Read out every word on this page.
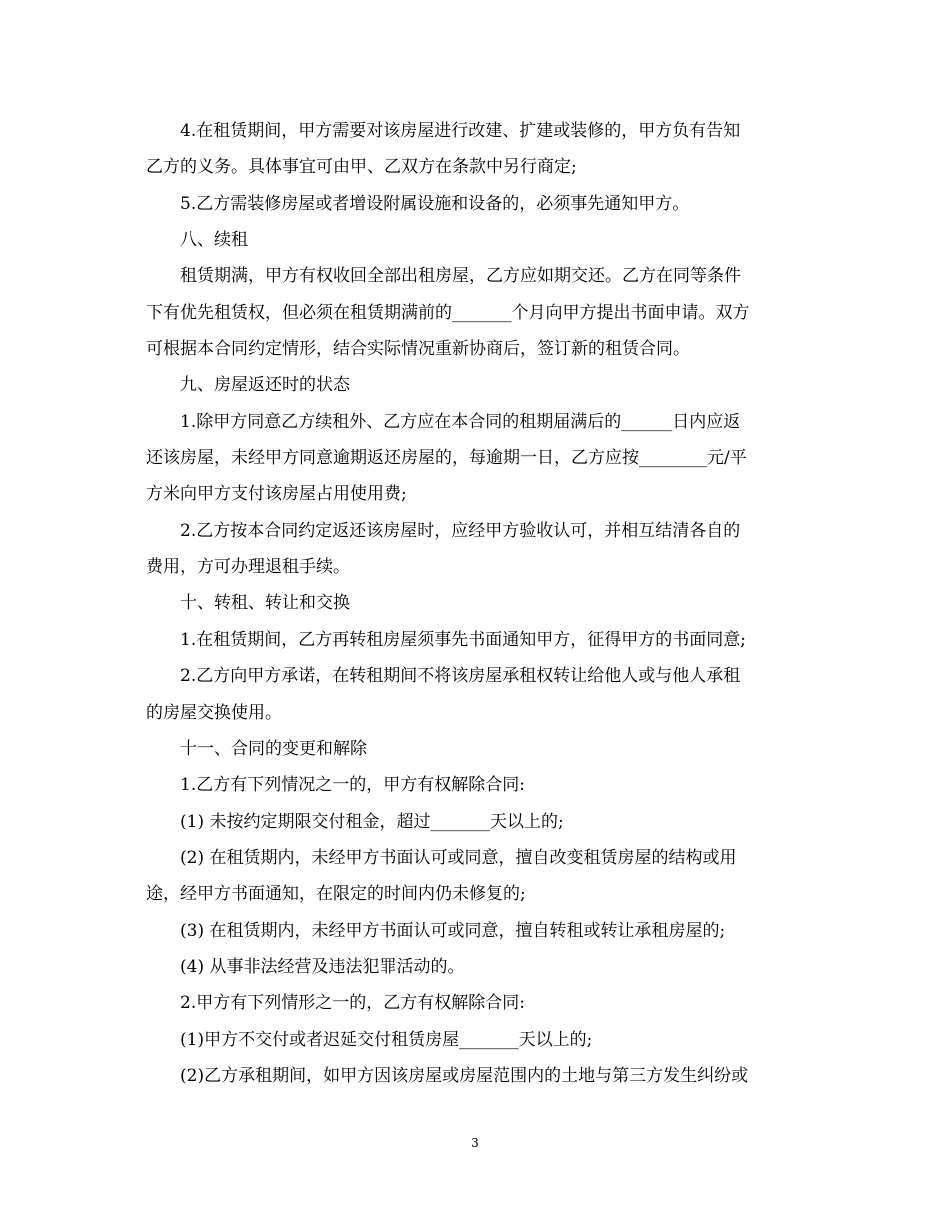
4.在租赁期间，甲方需要对该房屋进行改建、扩建或装修的，甲方负有告知
乙方的义务。具体事宜可由甲、乙双方在条款中另行商定;
5.乙方需装修房屋或者增设附属设施和设备的，必须事先通知甲方。
八、续租
租赁期满，甲方有权收回全部出租房屋，乙方应如期交还。乙方在同等条件
下有优先租赁权，但必须在租赁期满前的_______个月向甲方提出书面申请。双方
可根据本合同约定情形，结合实际情况重新协商后，签订新的租赁合同。
九、房屋返还时的状态
1.除甲方同意乙方续租外、乙方应在本合同的租期届满后的______日内应返
还该房屋，未经甲方同意逾期返还房屋的，每逾期一日，乙方应按________元/平
方米向甲方支付该房屋占用使用费;
2.乙方按本合同约定返还该房屋时，应经甲方验收认可，并相互结清各自的
费用，方可办理退租手续。
十、转租、转让和交换
1.在租赁期间，乙方再转租房屋须事先书面通知甲方，征得甲方的书面同意;
2.乙方向甲方承诺，在转租期间不将该房屋承租权转让给他人或与他人承租
的房屋交换使用。
十一、合同的变更和解除
1.乙方有下列情况之一的，甲方有权解除合同:
(1) 未按约定期限交付租金，超过_______天以上的;
(2) 在租赁期内，未经甲方书面认可或同意，擅自改变租赁房屋的结构或用
途，经甲方书面通知，在限定的时间内仍未修复的;
(3) 在租赁期内，未经甲方书面认可或同意，擅自转租或转让承租房屋的;
(4) 从事非法经营及违法犯罪活动的。
2.甲方有下列情形之一的，乙方有权解除合同:
(1)甲方不交付或者迟延交付租赁房屋_______天以上的;
(2)乙方承租期间，如甲方因该房屋或房屋范围内的土地与第三方发生纠纷或
3
